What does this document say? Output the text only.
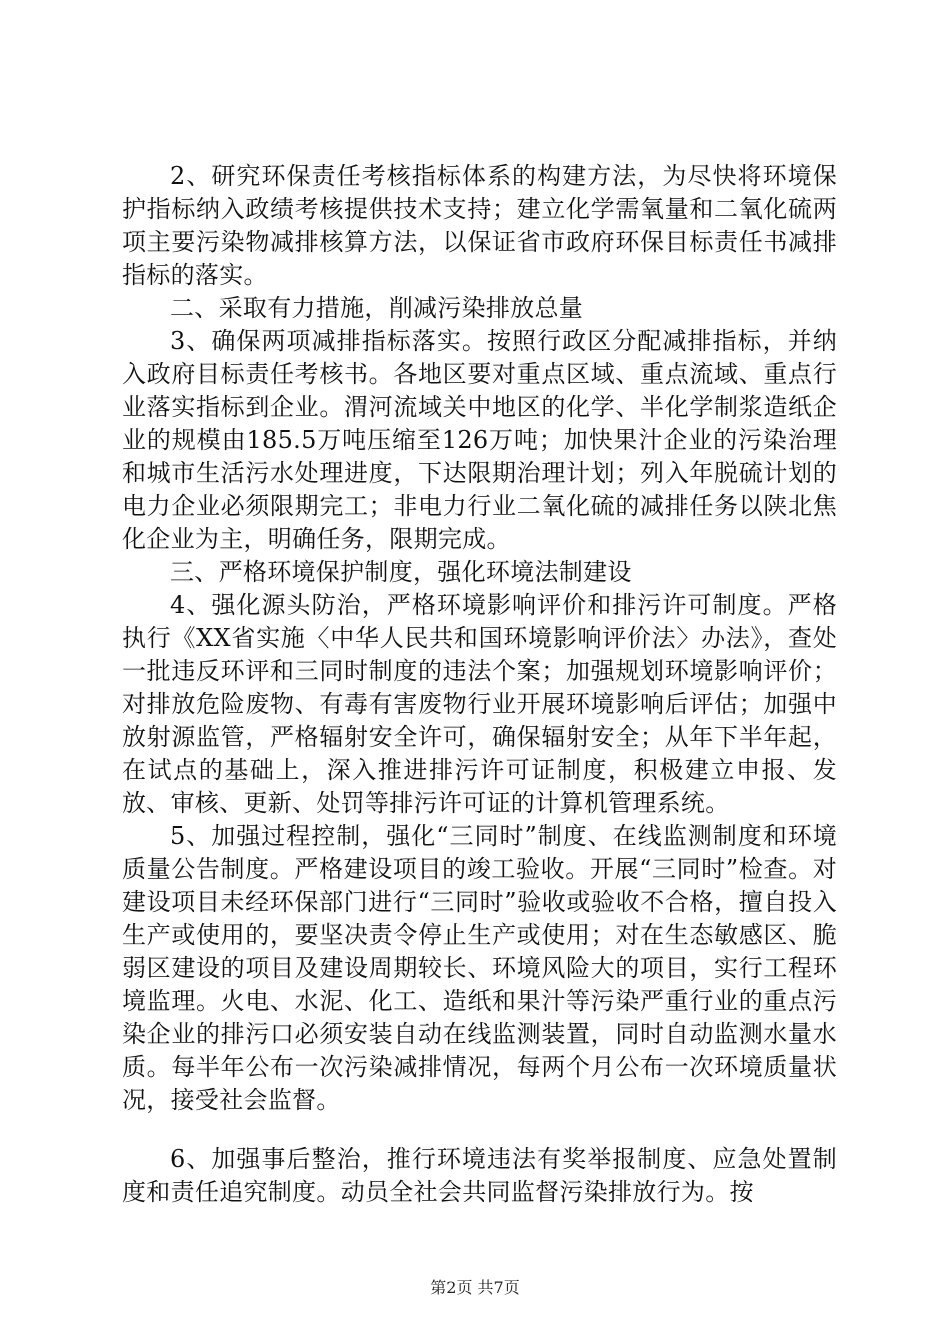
2、研究环保责任考核指标体系的构建方法，为尽快将环境保护指标纳入政绩考核提供技术支持；建立化学需氧量和二氧化硫两项主要污染物减排核算方法，以保证省市政府环保目标责任书减排指标的落实。

二、采取有力措施，削减污染排放总量

3、确保两项减排指标落实。按照行政区分配减排指标，并纳入政府目标责任考核书。各地区要对重点区域、重点流域、重点行业落实指标到企业。渭河流域关中地区的化学、半化学制浆造纸企业的规模由185.5万吨压缩至126万吨；加快果汁企业的污染治理和城市生活污水处理进度，下达限期治理计划；列入年脱硫计划的电力企业必须限期完工；非电力行业二氧化硫的减排任务以陕北焦化企业为主，明确任务，限期完成。

三、严格环境保护制度，强化环境法制建设

4、强化源头防治，严格环境影响评价和排污许可制度。严格执行《XX省实施〈中华人民共和国环境影响评价法〉办法》，查处一批违反环评和三同时制度的违法个案；加强规划环境影响评价；对排放危险废物、有毒有害废物行业开展环境影响后评估；加强中放射源监管，严格辐射安全许可，确保辐射安全；从年下半年起，在试点的基础上，深入推进排污许可证制度，积极建立申报、发放、审核、更新、处罚等排污许可证的计算机管理系统。

5、加强过程控制，强化“三同时”制度、在线监测制度和环境质量公告制度。严格建设项目的竣工验收。开展“三同时”检查。对建设项目未经环保部门进行“三同时”验收或验收不合格，擅自投入生产或使用的，要坚决责令停止生产或使用；对在生态敏感区、脆弱区建设的项目及建设周期较长、环境风险大的项目，实行工程环境监理。火电、水泥、化工、造纸和果汁等污染严重行业的重点污染企业的排污口必须安装自动在线监测装置，同时自动监测水量水质。每半年公布一次污染减排情况，每两个月公布一次环境质量状况，接受社会监督。

6、加强事后整治，推行环境违法有奖举报制度、应急处置制度和责任追究制度。动员全社会共同监督污染排放行为。按

第2页 共7页
